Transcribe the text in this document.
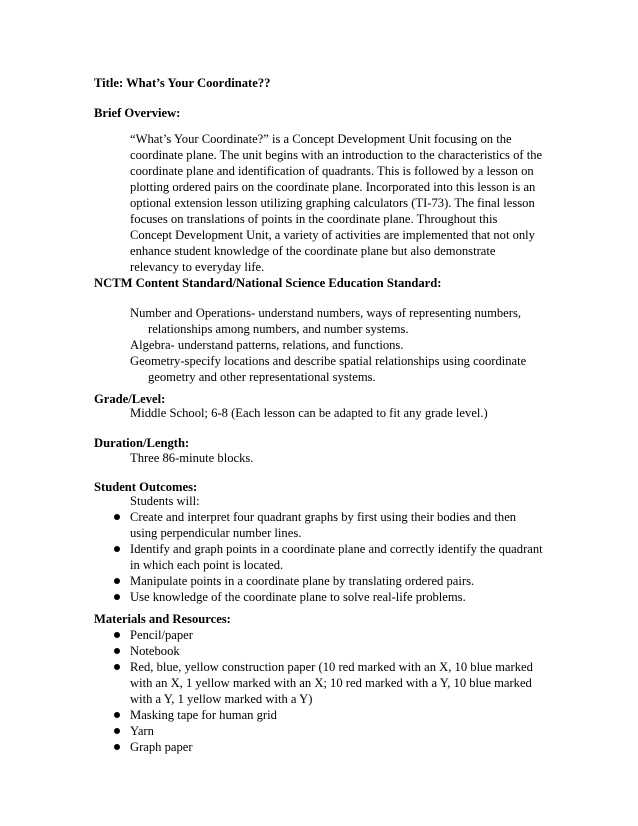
Title: What’s Your Coordinate??
Brief Overview:
“What’s Your Coordinate?” is a Concept Development Unit focusing on the
coordinate plane. The unit begins with an introduction to the characteristics of the
coordinate plane and identification of quadrants. This is followed by a lesson on
plotting ordered pairs on the coordinate plane. Incorporated into this lesson is an
optional extension lesson utilizing graphing calculators (TI-73). The final lesson
focuses on translations of points in the coordinate plane. Throughout this
Concept Development Unit, a variety of activities are implemented that not only
enhance student knowledge of the coordinate plane but also demonstrate
relevancy to everyday life.
NCTM Content Standard/National Science Education Standard:
Number and Operations- understand numbers, ways of representing numbers,
relationships among numbers, and number systems.
Algebra- understand patterns, relations, and functions.
Geometry-specify locations and describe spatial relationships using coordinate
geometry and other representational systems.
Grade/Level:
Middle School; 6-8 (Each lesson can be adapted to fit any grade level.)
Duration/Length:
Three 86-minute blocks.
Student Outcomes:
Students will:
Create and interpret four quadrant graphs by first using their bodies and then
using perpendicular number lines.
Identify and graph points in a coordinate plane and correctly identify the quadrant
in which each point is located.
Manipulate points in a coordinate plane by translating ordered pairs.
Use knowledge of the coordinate plane to solve real-life problems.
Materials and Resources:
Pencil/paper
Notebook
Red, blue, yellow construction paper (10 red marked with an X, 10 blue marked
with an X, 1 yellow marked with an X; 10 red marked with a Y, 10 blue marked
with a Y, 1 yellow marked with a Y)
Masking tape for human grid
Yarn
Graph paper
